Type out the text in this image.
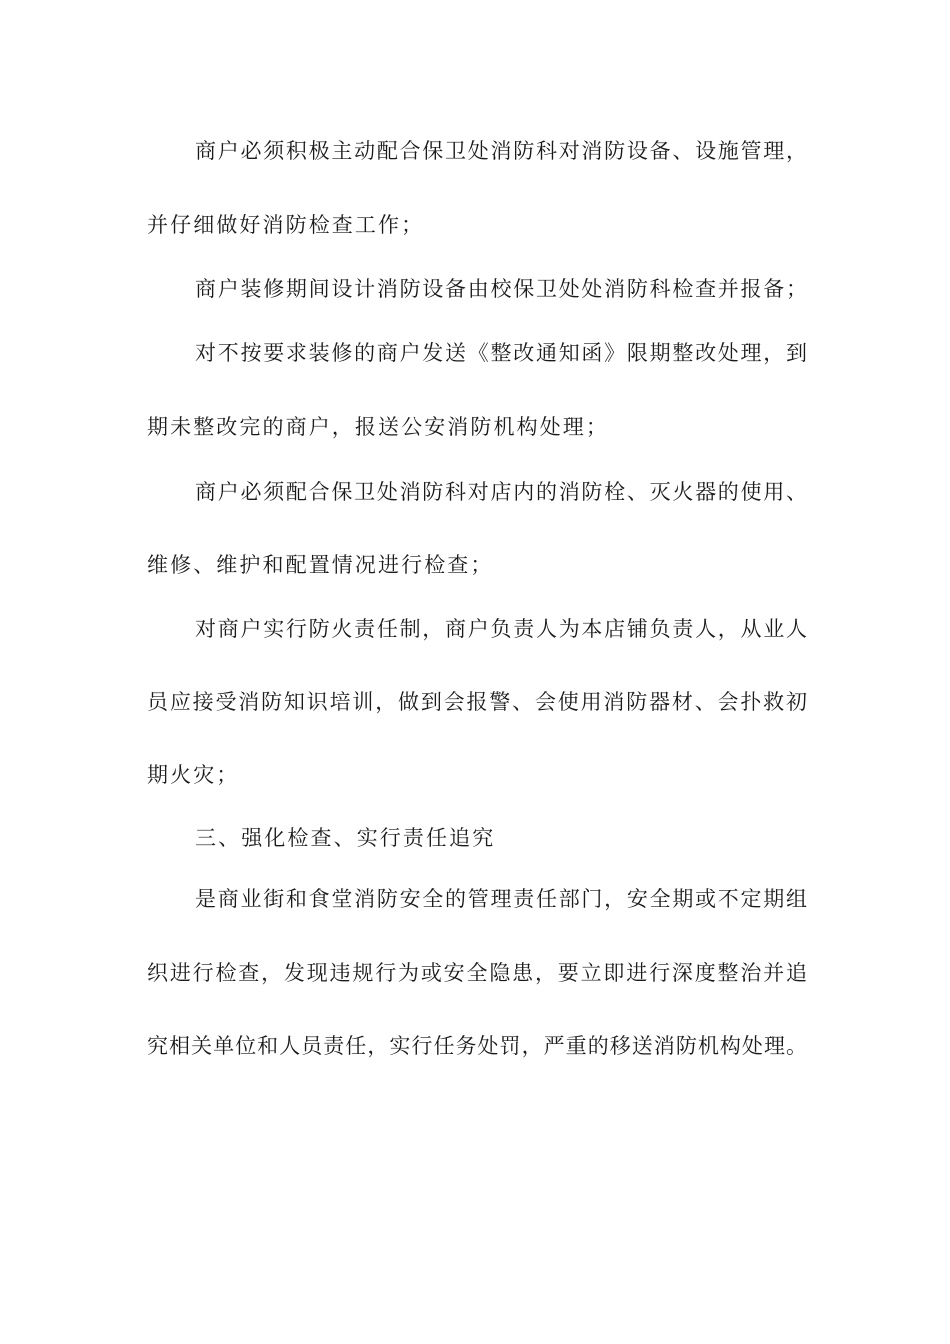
商户必须积极主动配合保卫处消防科对消防设备、设施管理，
并仔细做好消防检查工作；
商户装修期间设计消防设备由校保卫处处消防科检查并报备；
对不按要求装修的商户发送《整改通知函》限期整改处理，到
期未整改完的商户，报送公安消防机构处理；
商户必须配合保卫处消防科对店内的消防栓、灭火器的使用、
维修、维护和配置情况进行检查；
对商户实行防火责任制，商户负责人为本店铺负责人，从业人
员应接受消防知识培训，做到会报警、会使用消防器材、会扑救初
期火灾；
三、强化检查、实行责任追究
是商业街和食堂消防安全的管理责任部门，安全期或不定期组
织进行检查，发现违规行为或安全隐患，要立即进行深度整治并追
究相关单位和人员责任，实行任务处罚，严重的移送消防机构处理。
